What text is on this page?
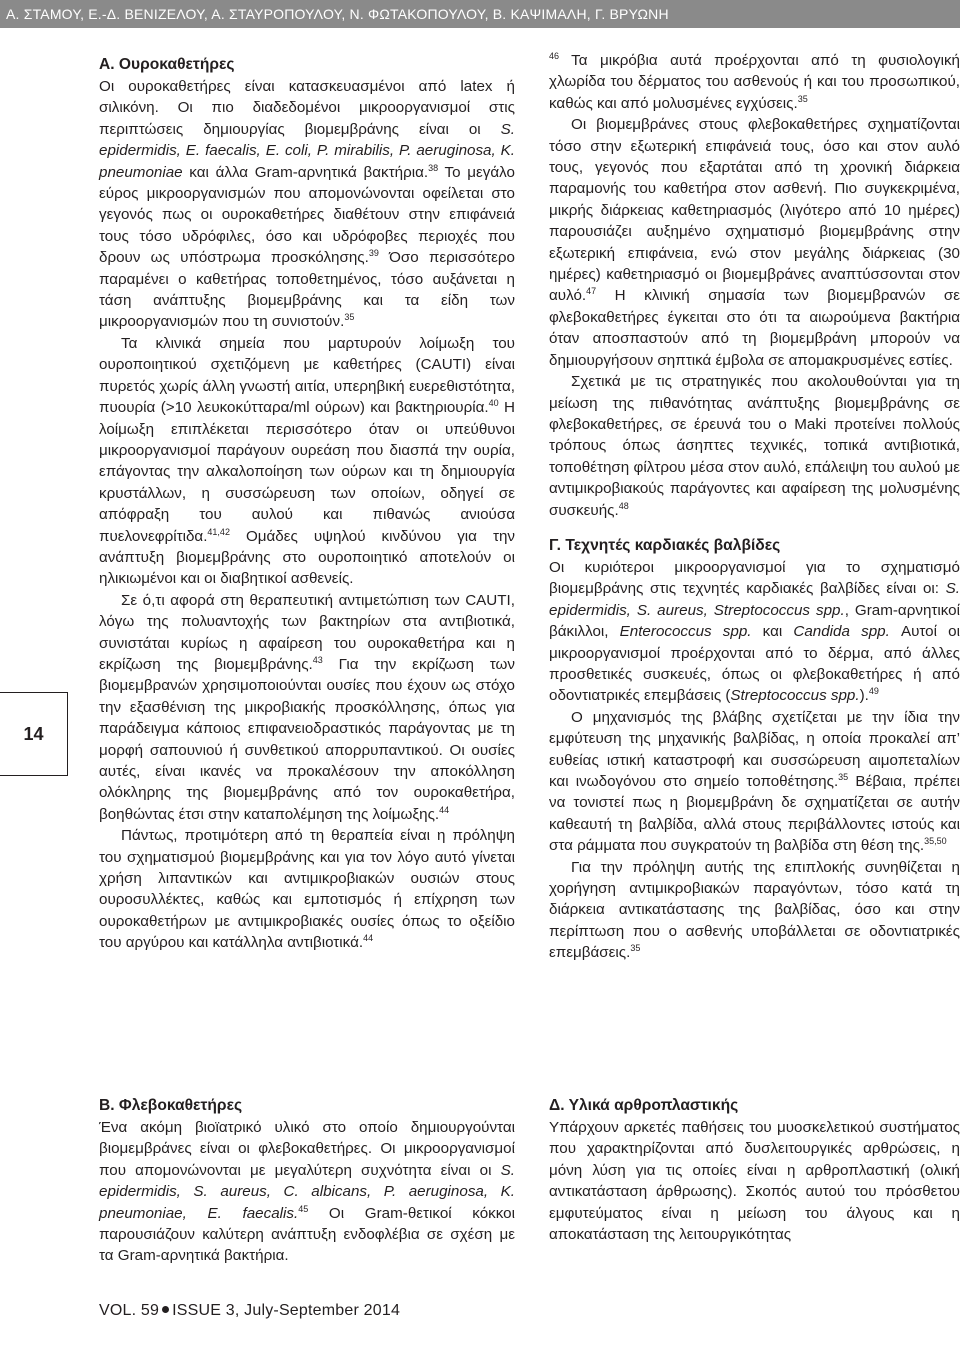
Α. ΣΤΑΜΟΥ, Ε.-Δ. ΒΕΝΙΖΕΛΟΥ, Α. ΣΤΑΥΡΟΠΟΥΛΟΥ, Ν. ΦΩΤΑΚΟΠΟΥΛΟΥ, Β. ΚΑΨΙΜΑΛΗ, Γ. ΒΡΥΩΝΗ
14
Α. Ουροκαθετήρες

Οι ουροκαθετήρες είναι κατασκευασμένοι από latex ή σιλικόνη. Οι πιο διαδεδομένοι μικροοργανισμοί στις περιπτώσεις δημιουργίας βιομεμβράνης είναι οι S. epidermidis, E. faecalis, E. coli, P. mirabilis, P. aeruginosa, K. pneumoniae και άλλα Gram-αρνητικά βακτήρια.$^{38}$ Το μεγάλο εύρος μικροοργανισμών που απομονώνονται οφείλεται στο γεγονός πως οι ουροκαθετήρες διαθέτουν στην επιφάνειά τους τόσο υδρόφιλες, όσο και υδρόφοβες περιοχές που δρουν ως υπόστρωμα προσκόλησης.$^{39}$ Όσο περισσότερο παραμένει ο καθετήρας τοποθετημένος, τόσο αυξάνεται η τάση ανάπτυξης βιομεμβράνης και τα είδη των μικροοργανισμών που τη συνιστούν.$^{35}$

Τα κλινικά σημεία που μαρτυρούν λοίμωξη του ουροποιητικού σχετιζόμενη με καθετήρες (CAUTI) είναι πυρετός χωρίς άλλη γνωστή αιτία, υπερηβική ευερεθιστότητα, πυουρία (>10 λευκοκύτταρα/ml ούρων) και βακτηριουρία.$^{40}$ Η λοίμωξη επιπλέκεται περισσότερο όταν οι υπεύθυνοι μικροοργανισμοί παράγουν ουρεάση που διασπά την ουρία, επάγοντας την αλκαλοποίηση των ούρων και τη δημιουργία κρυστάλλων, η συσσώρευση των οποίων, οδηγεί σε απόφραξη του αυλού και πιθανώς ανιούσα πυελονεφρίτιδα.$^{41,42}$ Ομάδες υψηλού κινδύνου για την ανάπτυξη βιομεμβράνης στο ουροποιητικό αποτελούν οι ηλικιωμένοι και οι διαβητικοί ασθενείς.

Σε ό,τι αφορά στη θεραπευτική αντιμετώπιση των CAUTI, λόγω της πολυαντοχής των βακτηρίων στα αντιβιοτικά, συνιστάται κυρίως η αφαίρεση του ουροκαθετήρα και η εκρίζωση της βιομεμβράνης.$^{43}$ Για την εκρίζωση των βιομεμβρανών χρησιμοποιούνται ουσίες που έχουν ως στόχο την εξασθένιση της μικροβιακής προσκόλλησης, όπως για παράδειγμα κάποιος επιφανειοδραστικός παράγοντας με τη μορφή σαπουνιού ή συνθετικού απορρυπαντικού. Οι ουσίες αυτές, είναι ικανές να προκαλέσουν την αποκόλληση ολόκληρης της βιομεμβράνης από τον ουροκαθετήρα, βοηθώντας έτσι στην καταπολέμηση της λοίμωξης.$^{44}$

Πάντως, προτιμότερη από τη θεραπεία είναι η πρόληψη του σχηματισμού βιομεμβράνης και για τον λόγο αυτό γίνεται χρήση λιπαντικών και αντιμικροβιακών ουσιών στους ουροσυλλέκτες, καθώς και εμποτισμός ή επίχρηση των ουροκαθετήρων με αντιμικροβιακές ουσίες όπως το οξείδιο του αργύρου και κατάλληλα αντιβιοτικά.$^{44}$

Β. Φλεβοκαθετήρες

Ένα ακόμη βιοϊατρικό υλικό στο οποίο δημιουργούνται βιομεμβράνες είναι οι φλεβοκαθετήρες. Οι μικροοργανισμοί που απομονώνονται με μεγαλύτερη συχνότητα είναι οι S. epidermidis, S. aureus, C. albicans, P. aeruginosa, K. pneumoniae, E. faecalis.$^{45}$ Οι Gram-θετικοί κόκκοι παρουσιάζουν καλύτερη ανάπτυξη ενδοφλέβια σε σχέση με τα Gram-αρνητικά βακτήρια.

$^{46}$ Τα μικρόβια αυτά προέρχονται από τη φυσιολογική χλωρίδα του δέρματος του ασθενούς ή και του προσωπικού, καθώς και από μολυσμένες εγχύσεις.$^{35}$

Οι βιομεμβράνες στους φλεβοκαθετήρες σχηματίζονται τόσο στην εξωτερική επιφάνειά τους, όσο και στον αυλό τους, γεγονός που εξαρτάται από τη χρονική διάρκεια παραμονής του καθετήρα στον ασθενή. Πιο συγκεκριμένα, μικρής διάρκειας καθετηριασμός (λιγότερο από 10 ημέρες) παρουσιάζει αυξημένο σχηματισμό βιομεμβράνης στην εξωτερική επιφάνεια, ενώ στον μεγάλης διάρκειας (30 ημέρες) καθετηριασμό οι βιομεμβράνες αναπτύσσονται στον αυλό.$^{47}$ Η κλινική σημασία των βιομεμβρανών σε φλεβοκαθετήρες έγκειται στο ότι τα αιωρούμενα βακτήρια όταν αποσπαστούν από τη βιομεμβράνη μπορούν να δημιουργήσουν σηπτικά έμβολα σε απομακρυσμένες εστίες.

Σχετικά με τις στρατηγικές που ακολουθούνται για τη μείωση της πιθανότητας ανάπτυξης βιομεμβράνης σε φλεβοκαθετήρες, σε έρευνά του ο Maki προτείνει πολλούς τρόπους όπως άσηπτες τεχνικές, τοπικά αντιβιοτικά, τοποθέτηση φίλτρου μέσα στον αυλό, επάλειψη του αυλού με αντιμικροβιακούς παράγοντες και αφαίρεση της μολυσμένης συσκευής.$^{48}$

Γ. Τεχνητές καρδιακές βαλβίδες

Οι κυριότεροι μικροοργανισμοί για το σχηματισμό βιομεμβράνης στις τεχνητές καρδιακές βαλβίδες είναι οι: S. epidermidis, S. aureus, Streptococcus spp., Gram-αρνητικοί βάκιλλοι, Enterococcus spp. και Candida spp. Αυτοί οι μικροοργανισμοί προέρχονται από το δέρμα, από άλλες προσθετικές συσκευές, όπως οι φλεβοκαθετήρες ή από οδοντιατρικές επεμβάσεις (Streptococcus spp.).$^{49}$

Ο μηχανισμός της βλάβης σχετίζεται με την ίδια την εμφύτευση της μηχανικής βαλβίδας, η οποία προκαλεί απ’ ευθείας ιστική καταστροφή και συσσώρευση αιμοπεταλίων και ινωδογόνου στο σημείο τοποθέτησης.$^{35}$ Βέβαια, πρέπει να τονιστεί πως η βιομεμβράνη δε σχηματίζεται σε αυτήν καθεαυτή τη βαλβίδα, αλλά στους περιβάλλοντες ιστούς και στα ράμματα που συγκρατούν τη βαλβίδα στη θέση της.$^{35,50}$

Για την πρόληψη αυτής της επιπλοκής συνηθίζεται η χορήγηση αντιμικροβιακών παραγόντων, τόσο κατά τη διάρκεια αντικατάστασης της βαλβίδας, όσο και στην περίπτωση που ο ασθενής υποβάλλεται σε οδοντιατρικές επεμβάσεις.$^{35}$

Δ. Υλικά αρθροπλαστικής

Υπάρχουν αρκετές παθήσεις του μυοσκελετικού συστήματος που χαρακτηρίζονται από δυσλειτουργικές αρθρώσεις, η μόνη λύση για τις οποίες είναι η αρθροπλαστική (ολική αντικατάσταση άρθρωσης). Σκοπός αυτού του πρόσθετου εμφυτεύματος είναι η μείωση του άλγους και η αποκατάσταση της λειτουργικότητας

VOL. 59 ISSUE 3, July-September 2014
